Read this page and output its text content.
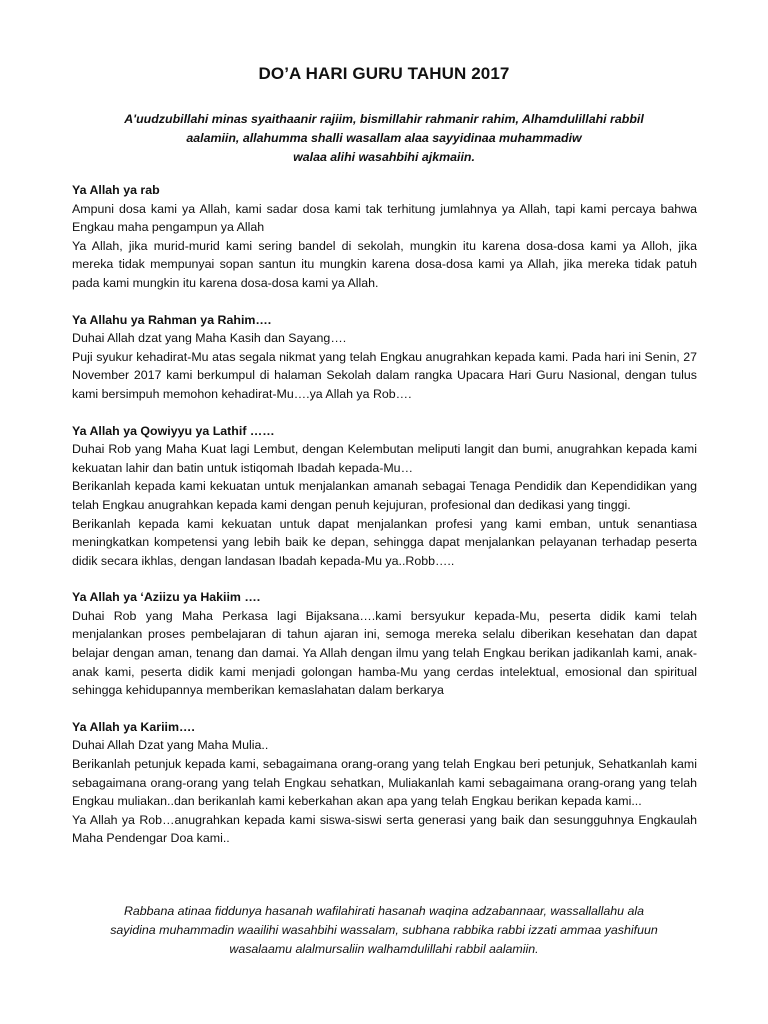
DO’A HARI GURU TAHUN 2017
A'uudzubillahi minas syaithaanir rajiim, bismillahir rahmanir rahim, Alhamdulillahi rabbil
aalamiin, allahumma shalli wasallam alaa sayyidinaa muhammadiw
walaa alihi wasahbihi ajkmaiin.
Ya Allah ya rab
Ampuni dosa kami ya Allah, kami sadar dosa kami tak terhitung jumlahnya ya Allah, tapi kami percaya bahwa Engkau maha pengampun ya Allah
Ya Allah, jika murid-murid kami sering bandel di sekolah, mungkin itu karena dosa-dosa kami ya Alloh, jika mereka tidak mempunyai sopan santun itu mungkin karena dosa-dosa kami ya Allah, jika mereka tidak patuh pada kami mungkin itu karena dosa-dosa kami ya Allah.
Ya Allahu ya Rahman ya Rahim….
Duhai Allah dzat yang Maha Kasih dan Sayang….
Puji syukur kehadirat-Mu atas segala nikmat yang telah Engkau anugrahkan kepada kami. Pada hari ini Senin, 27 November 2017 kami berkumpul di halaman Sekolah dalam rangka Upacara Hari Guru Nasional, dengan tulus kami bersimpuh memohon kehadirat-Mu….ya Allah ya Rob….
Ya Allah ya Qowiyyu ya Lathif ……
Duhai Rob yang Maha Kuat lagi Lembut, dengan Kelembutan meliputi langit dan bumi, anugrahkan kepada kami kekuatan lahir dan batin untuk istiqomah Ibadah kepada-Mu…
Berikanlah kepada kami kekuatan untuk menjalankan amanah sebagai Tenaga Pendidik dan Kependidikan yang telah Engkau anugrahkan kepada kami dengan penuh kejujuran, profesional dan dedikasi yang tinggi.
Berikanlah kepada kami kekuatan untuk dapat menjalankan profesi yang kami emban, untuk senantiasa meningkatkan kompetensi yang lebih baik ke depan, sehingga dapat menjalankan pelayanan terhadap peserta didik secara ikhlas, dengan landasan Ibadah kepada-Mu ya..Robb…..
Ya Allah ya ‘Aziizu ya Hakiim ….
Duhai Rob yang Maha Perkasa lagi Bijaksana….kami bersyukur kepada-Mu, peserta didik kami telah menjalankan proses pembelajaran di tahun ajaran ini, semoga mereka selalu diberikan kesehatan dan dapat belajar dengan aman, tenang dan damai. Ya Allah dengan ilmu yang telah Engkau berikan jadikanlah kami, anak-anak kami, peserta didik kami menjadi golongan hamba-Mu yang cerdas intelektual, emosional dan spiritual sehingga kehidupannya memberikan kemaslahatan dalam berkarya
Ya Allah ya Kariim….
Duhai Allah Dzat yang Maha Mulia..
Berikanlah petunjuk kepada kami, sebagaimana orang-orang yang telah Engkau beri petunjuk, Sehatkanlah kami sebagaimana orang-orang yang telah Engkau sehatkan, Muliakanlah kami sebagaimana orang-orang yang telah Engkau muliakan..dan berikanlah kami keberkahan akan apa yang telah Engkau berikan kepada kami...
Ya Allah ya Rob…anugrahkan kepada kami siswa-siswi serta generasi yang baik dan sesungguhnya Engkaulah Maha Pendengar Doa kami..
Rabbana atinaa fiddunya hasanah wafilahirati hasanah waqina adzabannaar, wassallallahu ala
sayidina muhammadin waailihi wasahbihi wassalam, subhana rabbika rabbi izzati ammaa yashifuun
wasalaamu alalmursaliin walhamdulillahi rabbil aalamiin.
